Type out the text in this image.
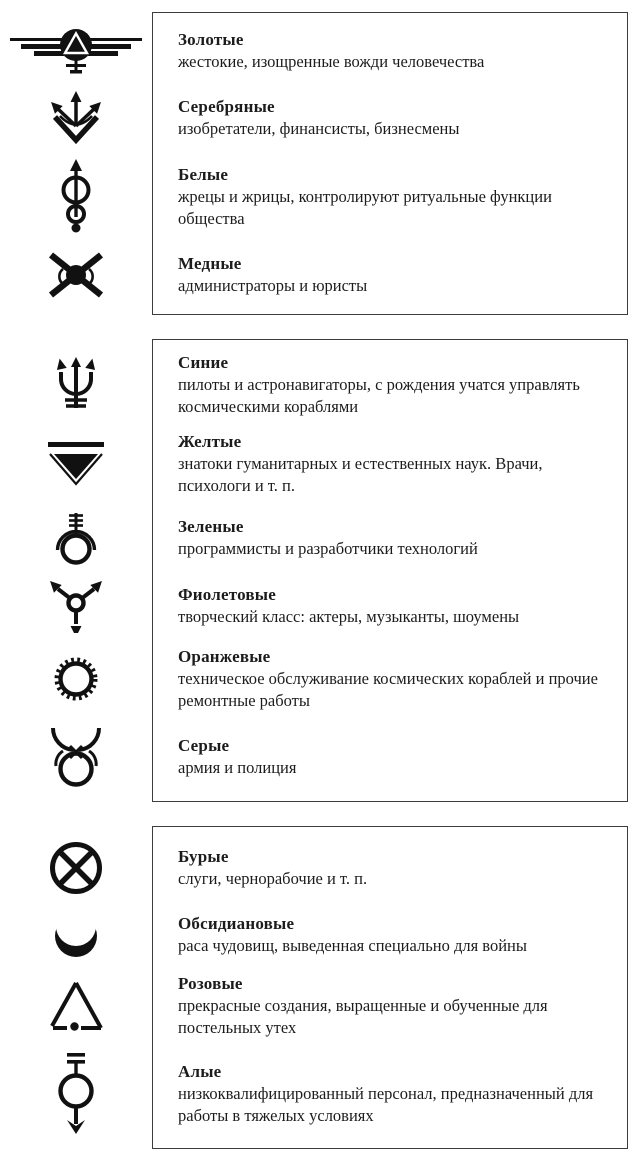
Золотые

жестокие, изощренные вожди человечества

Серебряные

изобретатели, финансисты, бизнесмены

Белые

жрецы и жрицы, контролируют ритуальные функции общества

Медные

администраторы и юристы

Синие

пилоты и астронавигаторы, с рождения учатся управлять космическими кораблями

Желтые

знатоки гуманитарных и естественных наук. Врачи, психологи и т. п.

Зеленые

программисты и разработчики технологий

Фиолетовые

творческий класс: актеры, музыканты, шоумены

Оранжевые

техническое обслуживание космических кораблей и прочие ремонтные работы

Серые

армия и полиция

Бурые

слуги, чернорабочие и т. п.

Обсидиановые

раса чудовищ, выведенная специально для войны

Розовые

прекрасные создания, выращенные и обученные для постельных утех

Алые

низкоквалифицированный персонал, предназначенный для работы в тяжелых условиях
